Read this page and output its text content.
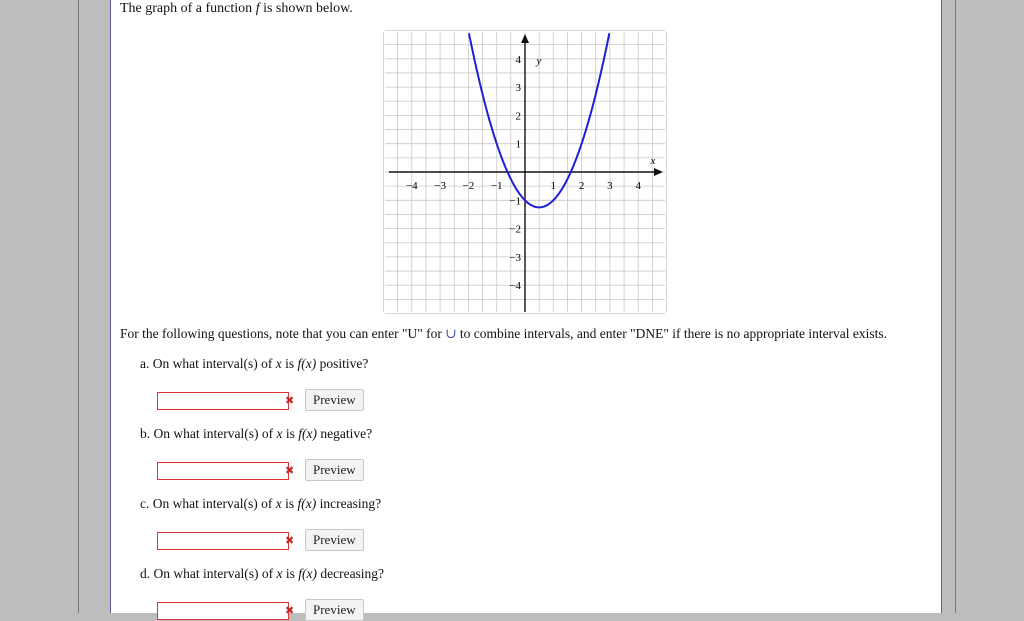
The graph of a function f is shown below.
−4 −3 −2 −1	1 2 3 4
1
2
3
4
−1
−2
−3
−4
x
y
For the following questions, note that you can enter "U" for ∪ to combine intervals, and enter "DNE" if there is no appropriate interval exists.
a. On what interval(s) of x is f(x) positive?
✖	Preview
b. On what interval(s) of x is f(x) negative?
✖	Preview
c. On what interval(s) of x is f(x) increasing?
✖	Preview
d. On what interval(s) of x is f(x) decreasing?
✖	Preview
